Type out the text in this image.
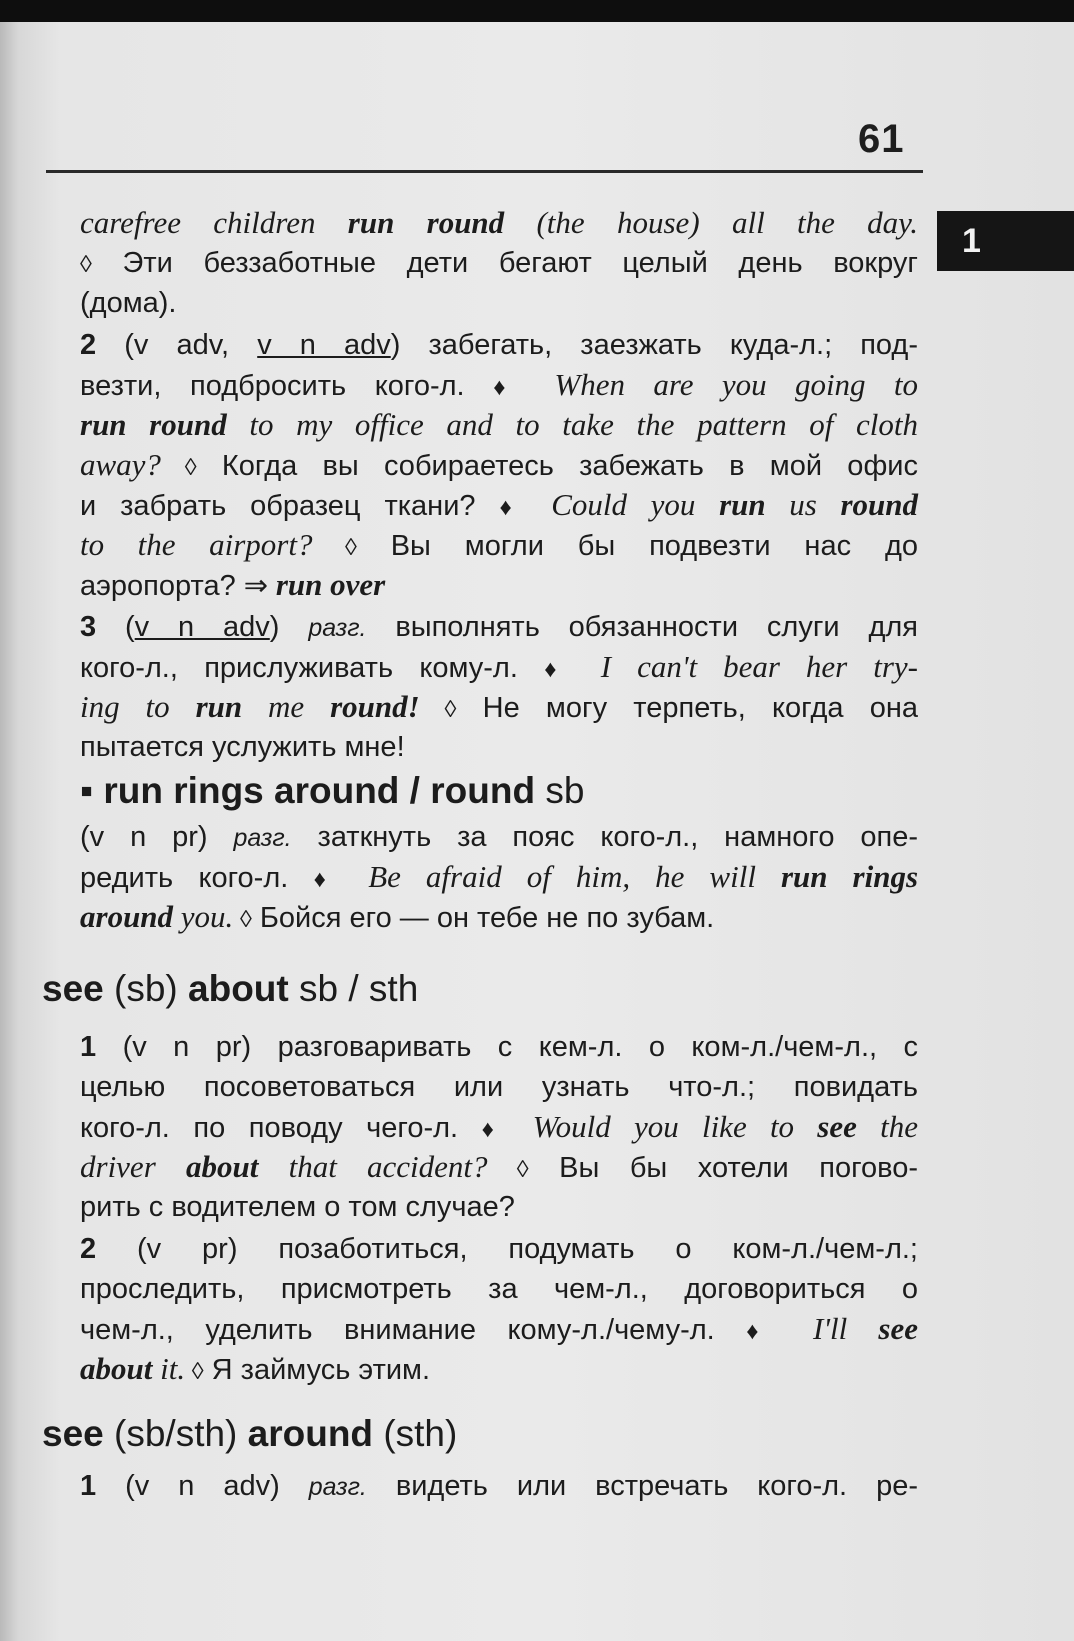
61
1
carefree children run round (the house) all the day.
◊ Эти беззаботные дети бегают целый день вокруг
(дома).
2 (v adv, v n adv) забегать, заезжать куда-л.; под-
везти, подбросить кого-л. ♦ When are you going to
run round to my office and to take the pattern of cloth
away? ◊ Когда вы собираетесь забежать в мой офис
и забрать образец ткани? ♦ Could you run us round
to the airport? ◊ Вы могли бы подвезти нас до
аэропорта? ⇒ run over
3 (v n adv) разг. выполнять обязанности слуги для
кого-л., прислуживать кому-л. ♦ I can't bear her try-
ing to run me round! ◊ Не могу терпеть, когда она
пытается услужить мне!
▪ run rings around / round sb
(v n pr) разг. заткнуть за пояс кого-л., намного опе-
редить кого-л. ♦ Be afraid of him, he will run rings
around you. ◊ Бойся его — он тебе не по зубам.
see (sb) about sb / sth
1 (v n pr) разговаривать с кем-л. о ком-л./чем-л., с
целью посоветоваться или узнать что-л.; повидать
кого-л. по поводу чего-л. ♦ Would you like to see the
driver about that accident? ◊ Вы бы хотели погово-
рить с водителем о том случае?
2 (v pr) позаботиться, подумать о ком-л./чем-л.;
проследить, присмотреть за чем-л., договориться о
чем-л., уделить внимание кому-л./чему-л. ♦ I'll see
about it. ◊ Я займусь этим.
see (sb/sth) around (sth)
1 (v n adv) разг. видеть или встречать кого-л. ре-
